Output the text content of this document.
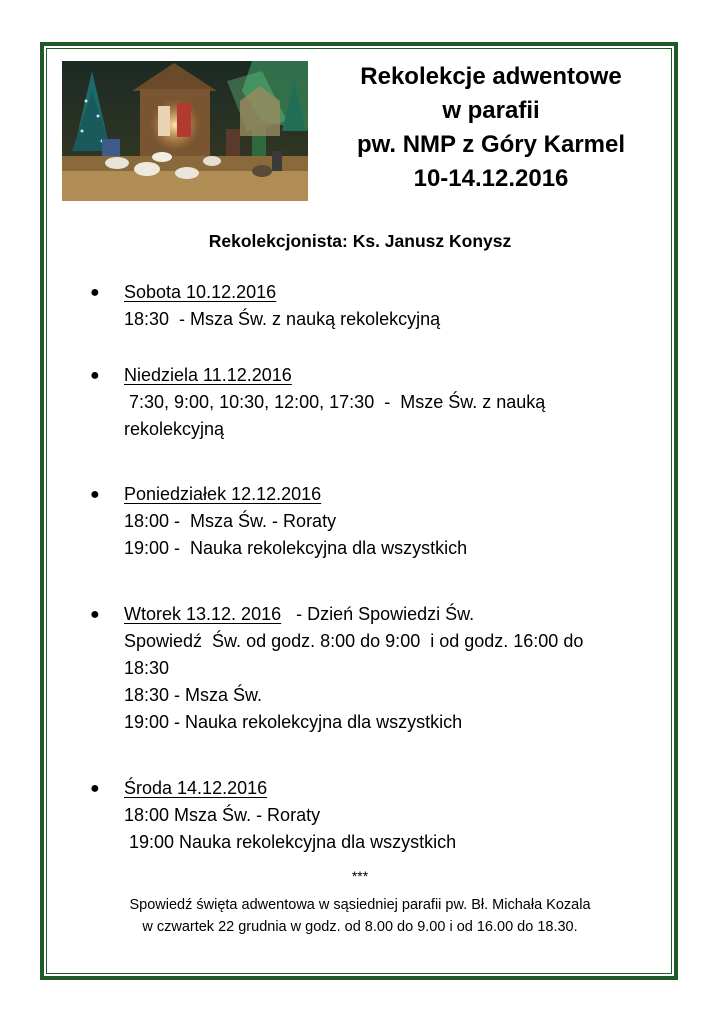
Rekolekcje adwentowe
w parafii
pw. NMP z Góry Karmel
10-14.12.2016
Rekolekcjonista: Ks. Janusz Konysz
● Sobota 10.12.2016
18:30  - Msza Św. z nauką rekolekcyjną
● Niedziela 11.12.2016
7:30, 9:00, 10:30, 12:00, 17:30  -  Msze Św. z nauką
rekolekcyjną
● Poniedziałek 12.12.2016
18:00 -  Msza Św. - Roraty
19:00 -  Nauka rekolekcyjna dla wszystkich
● Wtorek 13.12. 2016   - Dzień Spowiedzi Św.
Spowiedź  Św. od godz. 8:00 do 9:00  i od godz. 16:00 do
18:30
18:30 - Msza Św.
19:00 - Nauka rekolekcyjna dla wszystkich
● Środa 14.12.2016
18:00 Msza Św. - Roraty
19:00 Nauka rekolekcyjna dla wszystkich
***
Spowiedź święta adwentowa w sąsiedniej parafii pw. Bł. Michała Kozala
w czwartek 22 grudnia w godz. od 8.00 do 9.00 i od 16.00 do 18.30.
